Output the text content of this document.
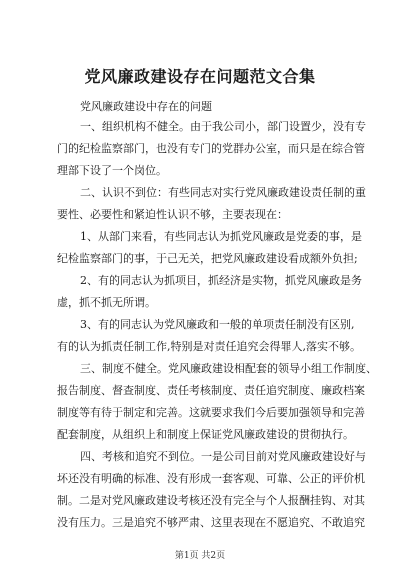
党风廉政建设存在问题范文合集
党风廉政建设中存在的问题
一、组织机构不健全。由于我公司小，部门设置少，没有专
门的纪检监察部门，也没有专门的党群办公室，而只是在综合管
理部下设了一个岗位。
二、认识不到位：有些同志对实行党风廉政建设责任制的重
要性、必要性和紧迫性认识不够，主要表现在：
1、从部门来看，有些同志认为抓党风廉政是党委的事，是
纪检监察部门的事，于己无关，把党风廉政建设看成额外负担;
2、有的同志认为抓项目，抓经济是实物，抓党风廉政是务
虚，抓不抓无所谓。
3、有的同志认为党风廉政和一般的单项责任制没有区别,
有的认为抓责任制工作,特别是对责任追究会得罪人,落实不够。
三、制度不健全。党风廉政建设相配套的领导小组工作制度、
报告制度、督查制度、责任考核制度、责任追究制度、廉政档案
制度等有待于制定和完善。这就要求我们今后要加强领导和完善
配套制度，从组织上和制度上保证党风廉政建设的贯彻执行。
四、考核和追究不到位。一是公司目前对党风廉政建设好与
坏还没有明确的标准、没有形成一套客观、可靠、公正的评价机
制。二是对党风廉政建设考核还没有完全与个人报酬挂钩、对其
没有压力。三是追究不够严肃、这里表现在不愿追究、不敢追究
第1页 共2页
